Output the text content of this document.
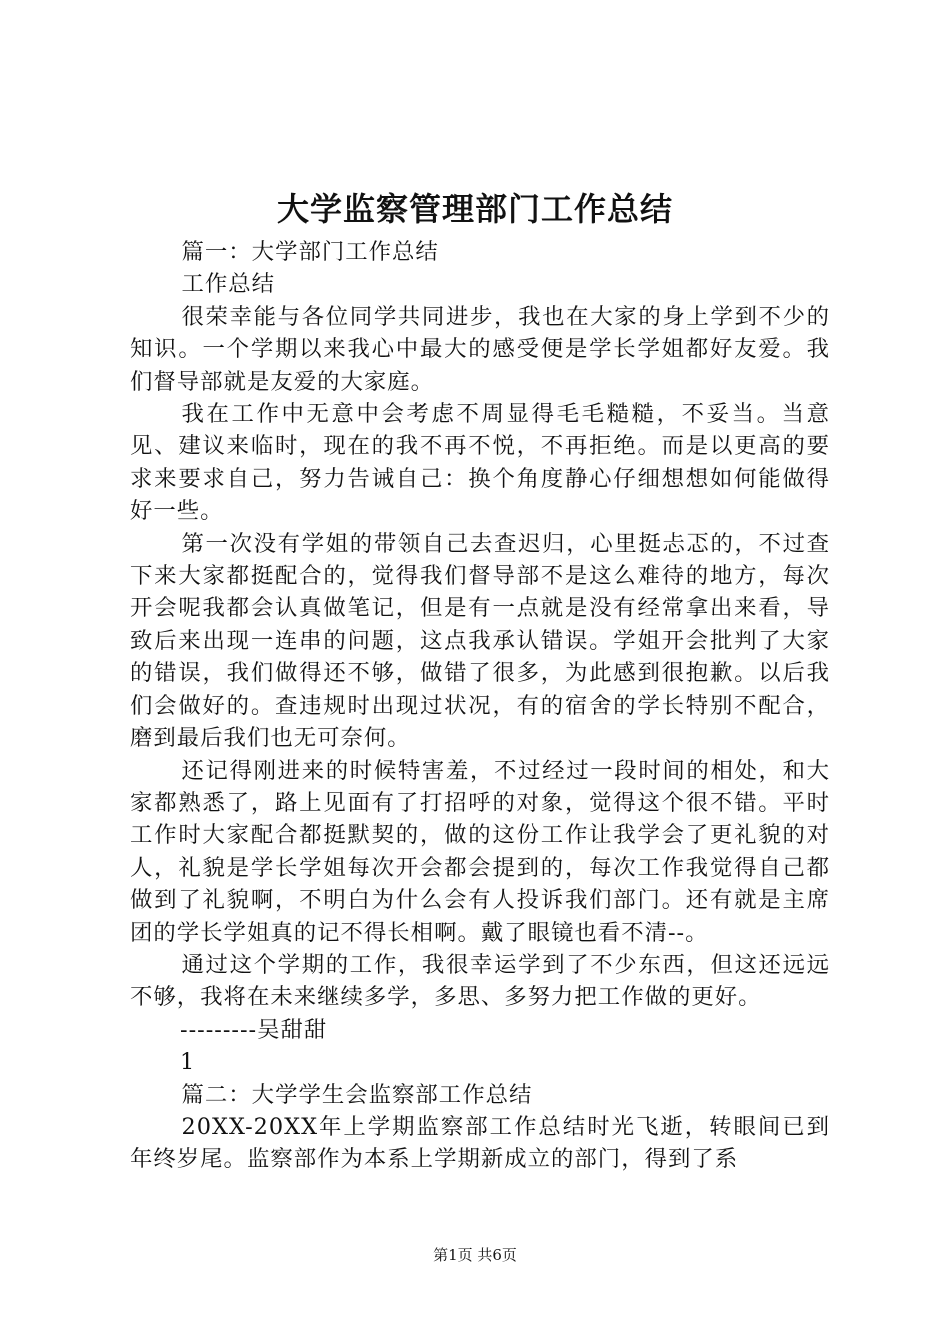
大学监察管理部门工作总结

篇一：大学部门工作总结

工作总结

很荣幸能与各位同学共同进步，我也在大家的身上学到不少的知识。一个学期以来我心中最大的感受便是学长学姐都好友爱。我们督导部就是友爱的大家庭。

我在工作中无意中会考虑不周显得毛毛糙糙，不妥当。当意见、建议来临时，现在的我不再不悦，不再拒绝。而是以更高的要求来要求自己，努力告诫自己：换个角度静心仔细想想如何能做得好一些。

第一次没有学姐的带领自己去查迟归，心里挺忐忑的，不过查下来大家都挺配合的，觉得我们督导部不是这么难待的地方，每次开会呢我都会认真做笔记，但是有一点就是没有经常拿出来看，导致后来出现一连串的问题，这点我承认错误。学姐开会批判了大家的错误，我们做得还不够，做错了很多，为此感到很抱歉。以后我们会做好的。查违规时出现过状况，有的宿舍的学长特别不配合，磨到最后我们也无可奈何。

还记得刚进来的时候特害羞，不过经过一段时间的相处，和大家都熟悉了，路上见面有了打招呼的对象，觉得这个很不错。平时工作时大家配合都挺默契的，做的这份工作让我学会了更礼貌的对人，礼貌是学长学姐每次开会都会提到的，每次工作我觉得自己都做到了礼貌啊，不明白为什么会有人投诉我们部门。还有就是主席团的学长学姐真的记不得长相啊。戴了眼镜也看不清--。

通过这个学期的工作，我很幸运学到了不少东西，但这还远远不够，我将在未来继续多学，多思、多努力把工作做的更好。

---------吴甜甜

1

篇二：大学学生会监察部工作总结

20XX-20XX年上学期监察部工作总结时光飞逝，转眼间已到年终岁尾。监察部作为本系上学期新成立的部门，得到了系

第1页 共6页
